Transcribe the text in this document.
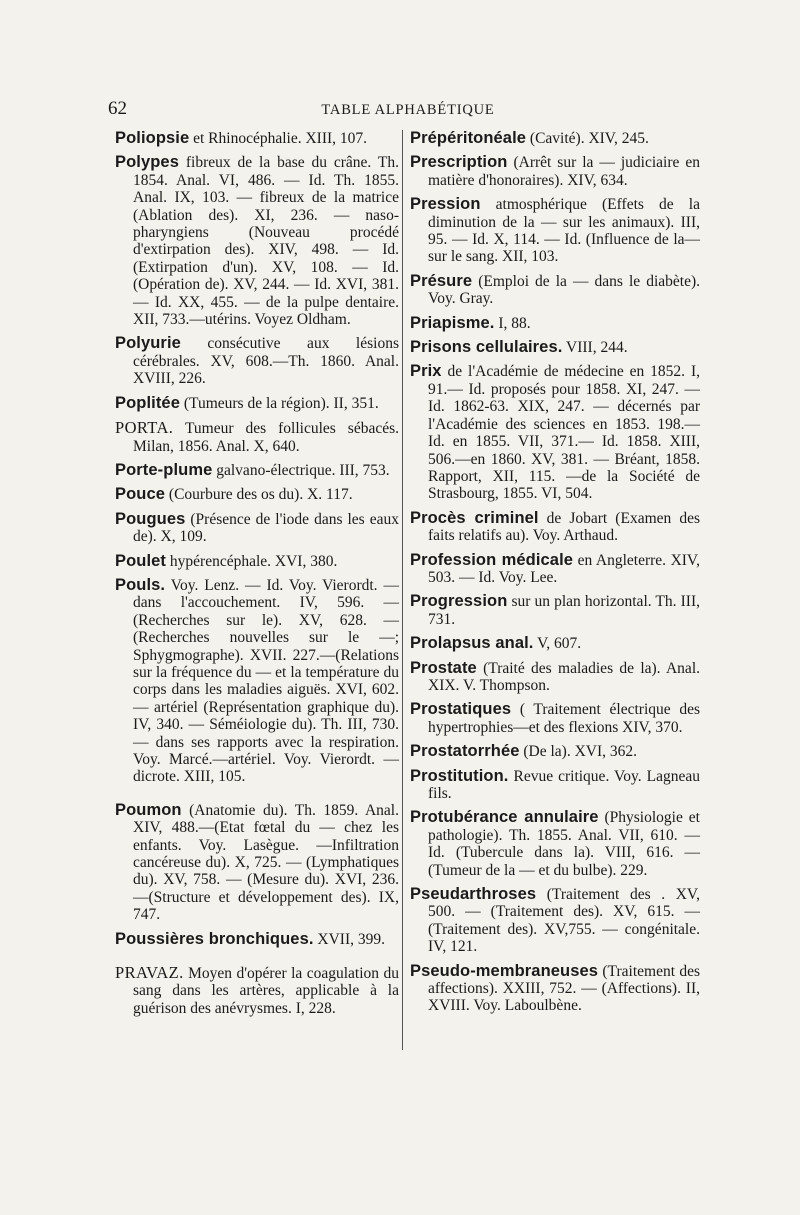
62	TABLE ALPHABÉTIQUE
Poliopsie et Rhinocéphalie. XIII, 107.
Polypes fibreux de la base du crâne. Th. 1854. Anal. VI, 486. — Id. Th. 1855. Anal. IX, 103. — fibreux de la matrice (Ablation des). XI, 236. — naso-pharyngiens (Nouveau procédé d'extirpation des). XIV, 498. — Id. (Extirpation d'un). XV, 108. — Id. (Opération de). XV, 244. — Id. XVI, 381. — Id. XX, 455. — de la pulpe dentaire. XII, 733.—utérins. Voyez Oldham.
Polyurie consécutive aux lésions cérébrales. XV, 608.—Th. 1860. Anal. XVIII, 226.
Poplitée (Tumeurs de la région). II, 351.
PORTA. Tumeur des follicules sébacés. Milan, 1856. Anal. X, 640.
Porte-plume galvano-électrique. III, 753.
Pouce (Courbure des os du). X. 117.
Pougues (Présence de l'iode dans les eaux de). X, 109.
Poulet hypérencéphale. XVI, 380.
Pouls. Voy. Lenz. — Id. Voy. Vierordt. — dans l'accouchement. IV, 596. —(Recherches sur le). XV, 628. — (Recherches nouvelles sur le —; Sphygmographe). XVII. 227.—(Relations sur la fréquence du — et la température du corps dans les maladies aiguës. XVI, 602. — artériel (Représentation graphique du). IV, 340. — Séméiologie du). Th. III, 730. — dans ses rapports avec la respiration. Voy. Marcé.—artériel. Voy. Vierordt. — dicrote. XIII, 105.
Poumon (Anatomie du). Th. 1859. Anal. XIV, 488.—(Etat fœtal du — chez les enfants. Voy. Lasègue. —Infiltration cancéreuse du). X, 725. — (Lymphatiques du). XV, 758. — (Mesure du). XVI, 236. —(Structure et développement des). IX, 747.
Poussières bronchiques. XVII, 399.
PRAVAZ. Moyen d'opérer la coagulation du sang dans les artères, applicable à la guérison des anévrysmes. I, 228.
Prépéritonéale (Cavité). XIV, 245.
Prescription (Arrêt sur la — judiciaire en matière d'honoraires). XIV, 634.
Pression atmosphérique (Effets de la diminution de la — sur les animaux). III, 95. — Id. X, 114. — Id. (Influence de la—sur le sang. XII, 103.
Présure (Emploi de la — dans le diabète). Voy. Gray.
Priapisme. I, 88.
Prisons cellulaires. VIII, 244.
Prix de l'Académie de médecine en 1852. I, 91.— Id. proposés pour 1858. XI, 247. — Id. 1862-63. XIX, 247. — décernés par l'Académie des sciences en 1853. 198.— Id. en 1855. VII, 371.— Id. 1858. XIII, 506.—en 1860. XV, 381. — Bréant, 1858. Rapport, XII, 115. —de la Société de Strasbourg, 1855. VI, 504.
Procès criminel de Jobart (Examen des faits relatifs au). Voy. Arthaud.
Profession médicale en Angleterre. XIV, 503. — Id. Voy. Lee.
Progression sur un plan horizontal. Th. III, 731.
Prolapsus anal. V, 607.
Prostate (Traité des maladies de la). Anal. XIX. V. Thompson.
Prostatiques ( Traitement électrique des hypertrophies—et des flexions XIV, 370.
Prostatorrhée (De la). XVI, 362.
Prostitution. Revue critique. Voy. Lagneau fils.
Protubérance annulaire (Physiologie et pathologie). Th. 1855. Anal. VII, 610. — Id. (Tubercule dans la). VIII, 616. — (Tumeur de la — et du bulbe). 229.
Pseudarthroses (Traitement des . XV, 500. — (Traitement des). XV, 615. — (Traitement des). XV,755. — congénitale. IV, 121.
Pseudo-membraneuses (Traitement des affections). XXIII, 752. — (Affections). II, XVIII. Voy. Laboulbène.
